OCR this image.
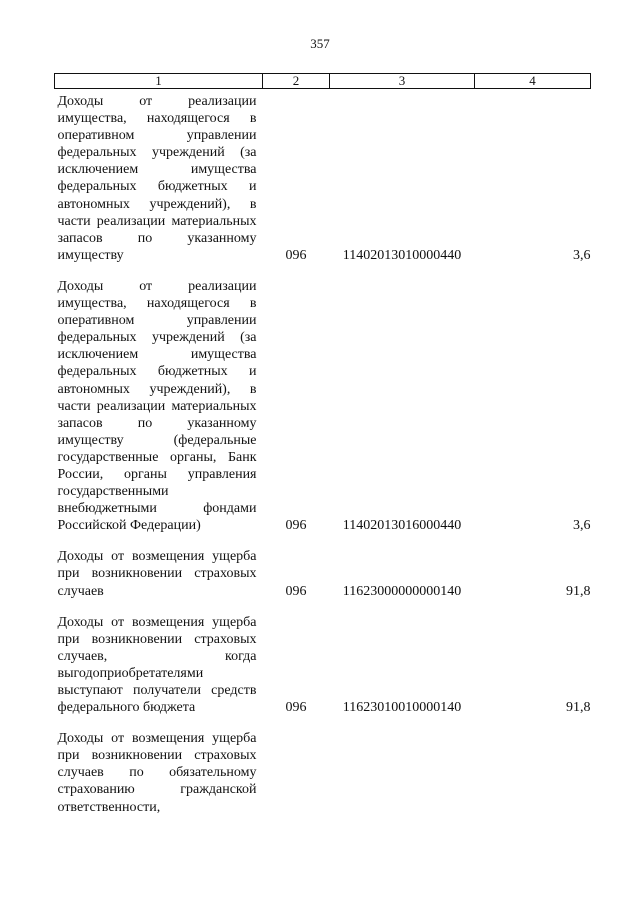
357
1	2	3	4
Доходы от реализации имущества, находящегося в оперативном управлении федеральных учреждений (за исключением имущества федеральных бюджетных и автономных учреждений), в части реализации материальных запасов по указанному имуществу	096	11402013010000440	3,6

Доходы от реализации имущества, находящегося в оперативном управлении федеральных учреждений (за исключением имущества федеральных бюджетных и автономных учреждений), в части реализации материальных запасов по указанному имуществу (федеральные государственные органы, Банк России, органы управления государственными внебюджетными фондами Российской Федерации)	096	11402013016000440	3,6

Доходы от возмещения ущерба при возникновении страховых случаев	096	11623000000000140	91,8

Доходы от возмещения ущерба при возникновении страховых случаев, когда выгодоприобретателями выступают получатели средств федерального бюджета	096	11623010010000140	91,8

Доходы от возмещения ущерба при возникновении страховых случаев по обязательному страхованию гражданской ответственности,			
